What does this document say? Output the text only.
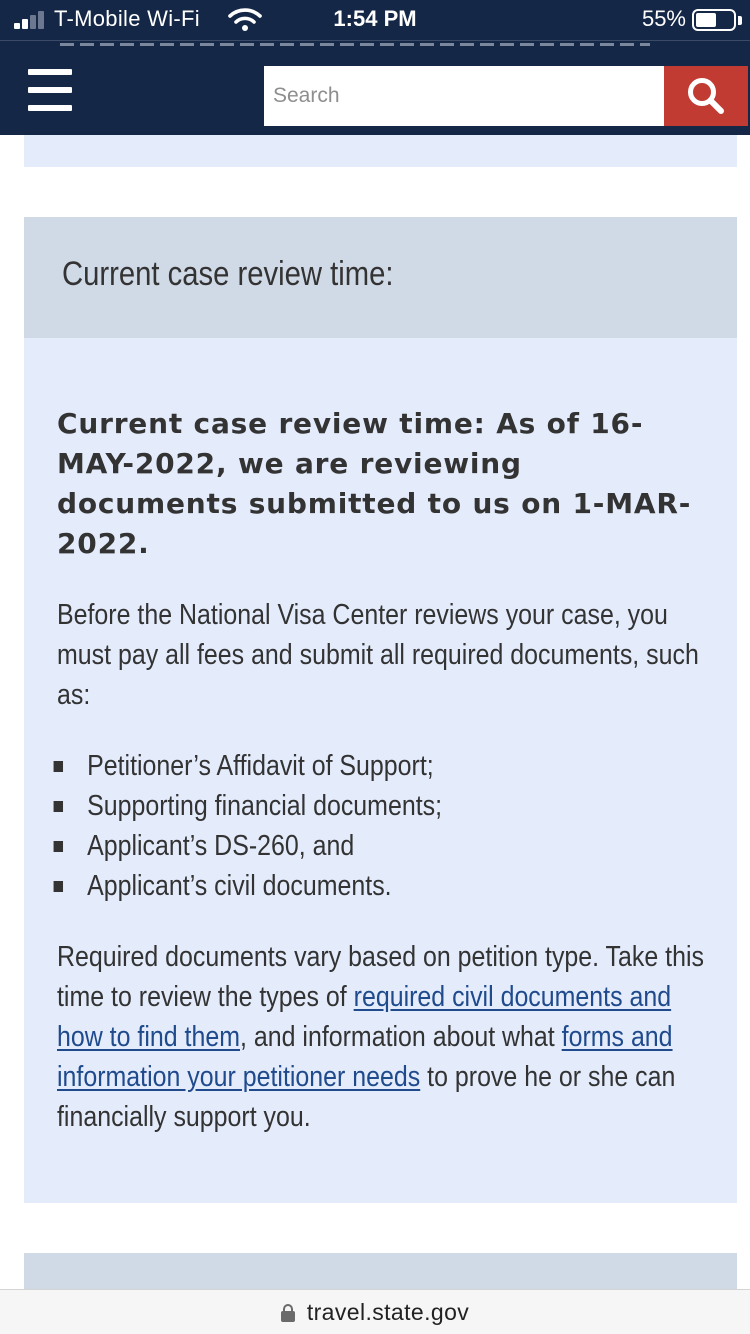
T-Mobile Wi-Fi	1:54 PM	55%
Search
Current case review time:

Current case review time: As of 16-MAY-2022, we are reviewing documents submitted to us on 1-MAR-2022.

Before the National Visa Center reviews your case, you must pay all fees and submit all required documents, such as:

Petitioner’s Affidavit of Support;
Supporting financial documents;
Applicant’s DS-260, and
Applicant’s civil documents.

Required documents vary based on petition type. Take this time to review the types of required civil documents and how to find them, and information about what forms and information your petitioner needs to prove he or she can financially support you.

travel.state.gov
